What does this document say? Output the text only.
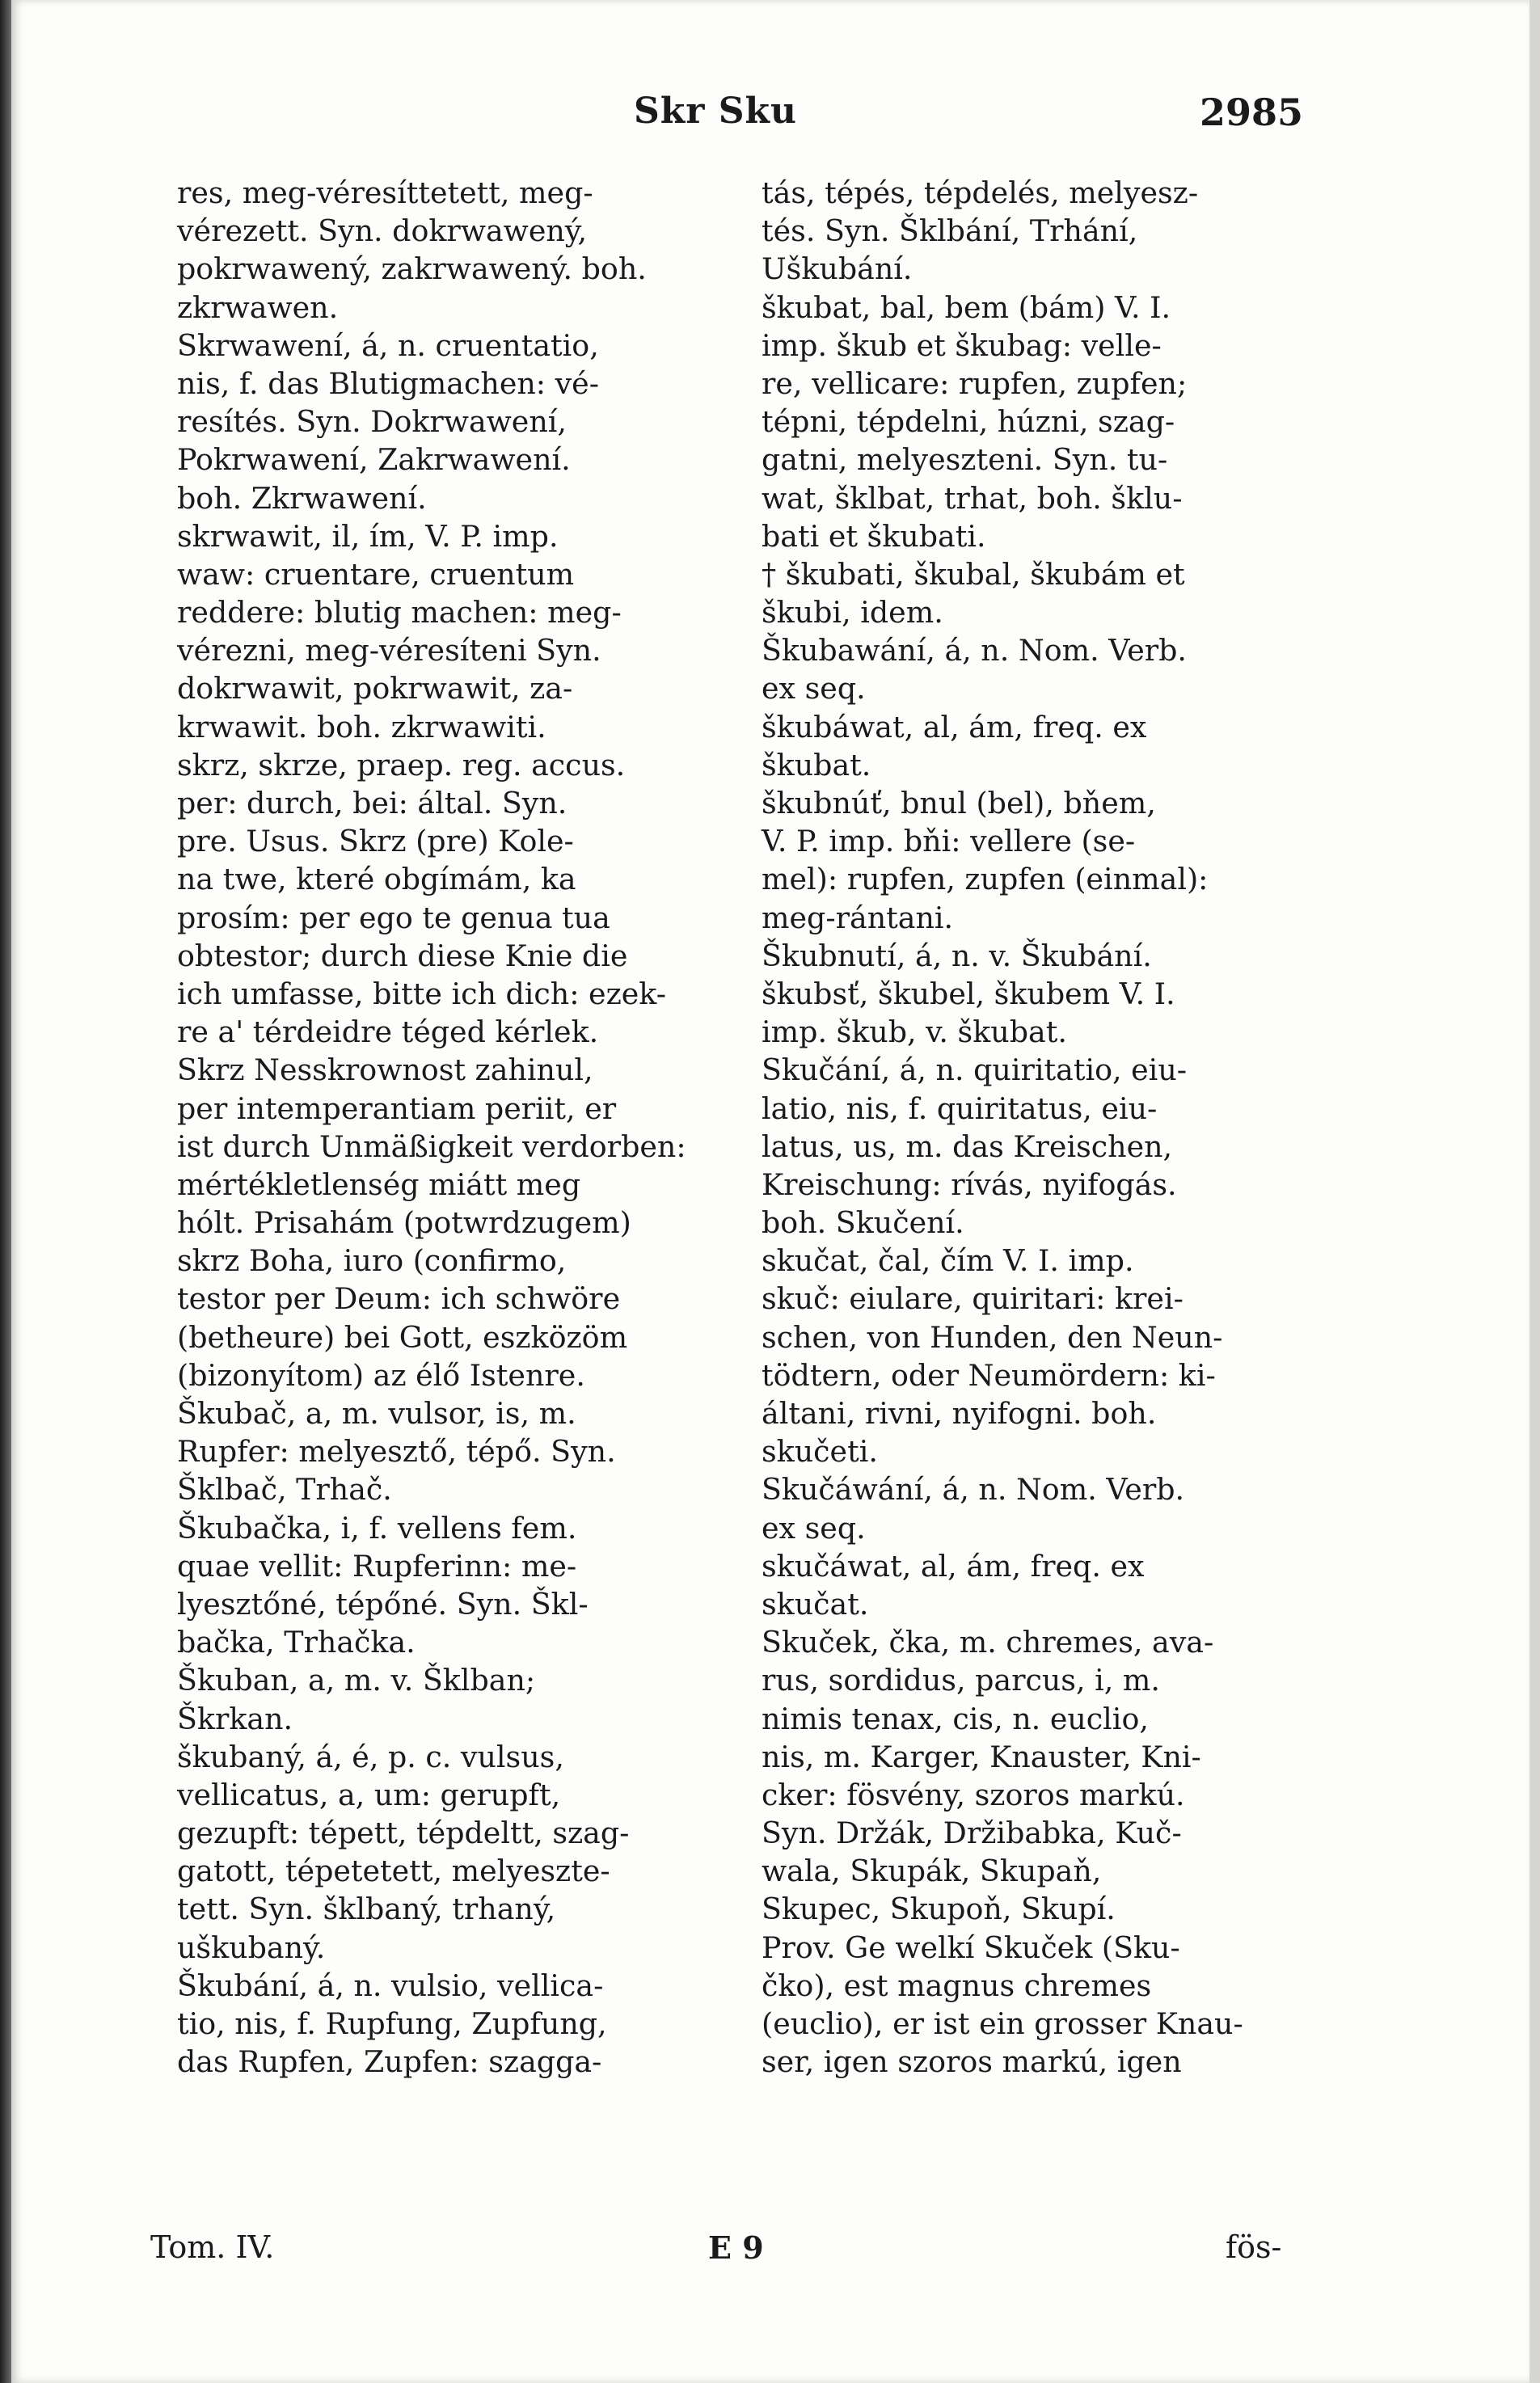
Skr Sku	2985
res, meg-véresíttetett, meg-
vérezett. Syn. dokrwawený,
pokrwawený, zakrwawený. boh.
zkrwawen.
Skrwawení, á, n. cruentatio,
nis, f. das Blutigmachen: vé-
resítés. Syn. Dokrwawení,
Pokrwawení, Zakrwawení.
boh. Zkrwawení.
skrwawit, il, ím, V. P. imp.
waw: cruentare, cruentum
reddere: blutig machen: meg-
vérezni, meg-véresíteni Syn.
dokrwawit, pokrwawit, za-
krwawit. boh. zkrwawiti.
skrz, skrze, praep. reg. accus.
per: durch, bei: által. Syn.
pre. Usus. Skrz (pre) Kole-
na twe, které obgímám, ka
prosím: per ego te genua tua
obtestor; durch diese Knie die
ich umfasse, bitte ich dich: ezek-
re a' térdeidre téged kérlek.
Skrz Nesskrownost zahinul,
per intemperantiam periit, er
ist durch Unmäßigkeit verdorben:
mértékletlenség miátt meg
hólt. Prisahám (potwrdzugem)
skrz Boha, iuro (confirmo,
testor per Deum: ich schwöre
(betheure) bei Gott, eszközöm
(bizonyítom) az élő Istenre.
Škubač, a, m. vulsor, is, m.
Rupfer: melyesztő, tépő. Syn.
Šklbač, Trhač.
Škubačka, i, f. vellens fem.
quae vellit: Rupferinn: me-
lyesztőné, tépőné. Syn. Škl-
bačka, Trhačka.
Škuban, a, m. v. Šklban;
Škrkan.
škubaný, á, é, p. c. vulsus,
vellicatus, a, um: gerupft,
gezupft: tépett, tépdeltt, szag-
gatott, tépetetett, melyeszte-
tett. Syn. šklbaný, trhaný,
uškubaný.
Škubání, á, n. vulsio, vellica-
tio, nis, f. Rupfung, Zupfung,
das Rupfen, Zupfen: szagga-
tás, tépés, tépdelés, melyesz-
tés. Syn. Šklbání, Trhání,
Uškubání.
škubat, bal, bem (bám) V. I.
imp. škub et škubag: velle-
re, vellicare: rupfen, zupfen;
tépni, tépdelni, húzni, szag-
gatni, melyeszteni. Syn. tu-
wat, šklbat, trhat, boh. šklu-
bati et škubati.
† škubati, škubal, škubám et
škubi, idem.
Škubawání, á, n. Nom. Verb.
ex seq.
škubáwat, al, ám, freq. ex
škubat.
škubnúť, bnul (bel), bňem,
V. P. imp. bňi: vellere (se-
mel): rupfen, zupfen (einmal):
meg-rántani.
Škubnutí, á, n. v. Škubání.
škubsť, škubel, škubem V. I.
imp. škub, v. škubat.
Skučání, á, n. quiritatio, eiu-
latio, nis, f. quiritatus, eiu-
latus, us, m. das Kreischen,
Kreischung: rívás, nyifogás.
boh. Skučení.
skučat, čal, čím V. I. imp.
skuč: eiulare, quiritari: krei-
schen, von Hunden, den Neun-
tödtern, oder Neumördern: ki-
áltani, rivni, nyifogni. boh.
skučeti.
Skučáwání, á, n. Nom. Verb.
ex seq.
skučáwat, al, ám, freq. ex
skučat.
Skuček, čka, m. chremes, ava-
rus, sordidus, parcus, i, m.
nimis tenax, cis, n. euclio,
nis, m. Karger, Knauster, Kni-
cker: fösvény, szoros markú.
Syn. Držák, Držibabka, Kuč-
wala, Skupák, Skupaň,
Skupec, Skupoň, Skupí.
Prov. Ge welkí Skuček (Sku-
čko), est magnus chremes
(euclio), er ist ein grosser Knau-
ser, igen szoros markú, igen
Tom. IV.	E 9	fös-
